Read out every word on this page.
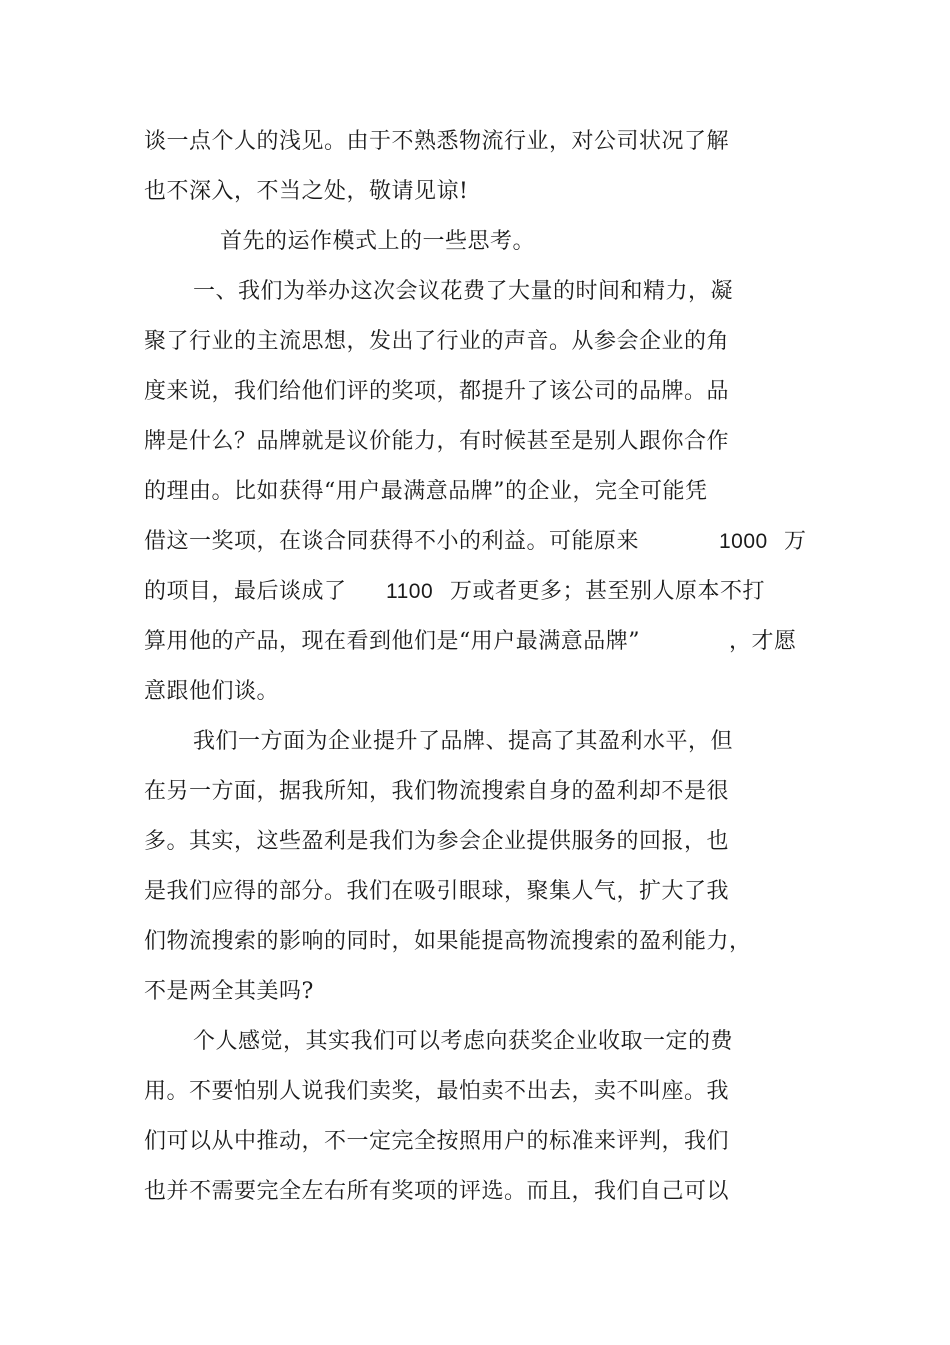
谈一点个人的浅见。由于不熟悉物流行业，对公司状况了解
也不深入，不当之处，敬请见谅!
首先的运作模式上的一些思考。
一、我们为举办这次会议花费了大量的时间和精力，凝
聚了行业的主流思想，发出了行业的声音。从参会企业的角
度来说，我们给他们评的奖项，都提升了该公司的品牌。品
牌是什么？品牌就是议价能力，有时候甚至是别人跟你合作
的理由。比如获得“用户最满意品牌”的企业，完全可能凭
借这一奖项，在谈合同获得不小的利益。可能原来	1000 万
的项目，最后谈成了 1100 万或者更多；甚至别人原本不打
算用他的产品，现在看到他们是“用户最满意品牌”	，才愿
意跟他们谈。
我们一方面为企业提升了品牌、提高了其盈利水平，但
在另一方面，据我所知，我们物流搜索自身的盈利却不是很
多。其实，这些盈利是我们为参会企业提供服务的回报，也
是我们应得的部分。我们在吸引眼球，聚集人气，扩大了我
们物流搜索的影响的同时，如果能提高物流搜索的盈利能力，
不是两全其美吗?
个人感觉，其实我们可以考虑向获奖企业收取一定的费
用。不要怕别人说我们卖奖，最怕卖不出去，卖不叫座。我
们可以从中推动，不一定完全按照用户的标准来评判，我们
也并不需要完全左右所有奖项的评选。而且，我们自己可以
